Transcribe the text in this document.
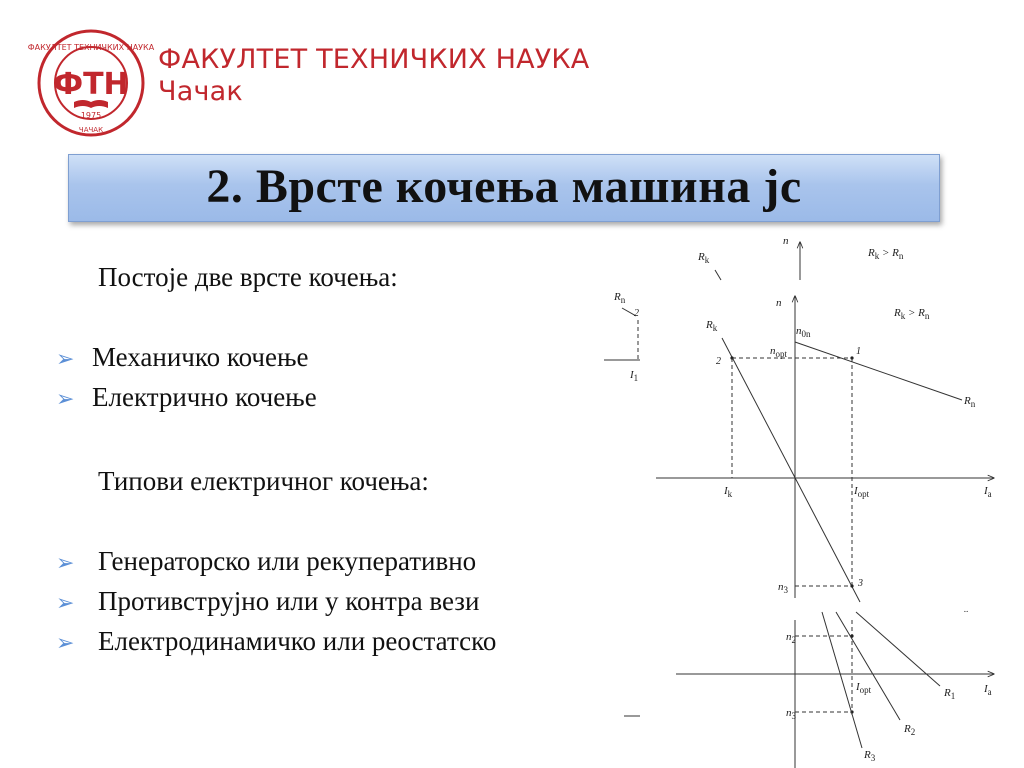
ФАКУЛТЕТ ТЕХНИЧКИХ НАУКА
ФТН
1975
ЧАЧАК
ФАКУЛТЕТ ТЕХНИЧКИХ НАУКА
Чачак
2. Врсте кочења машина јс
Постоје две врсте кочења:
➢ Механичко кочење
➢ Електрично кочење
Типови електричног кочења:
➢ Генераторско или рекуперативно
➢ Противструјно или у контра вези
➢ Електродинамичко или реостатско
n
$R_k$
$R_k > R_n$
$R_n$
2
$I_1$
n
$I_a$
$n_{0n}$
$R_n$
$R_k > R_n$
$R_k$
$n_{opt}$	1
2
$I_k$	$I_{opt}$
$n_3$
3
..
$I_a$
$n_2$
$n_3$
$I_{opt}$	$R_1$
$R_2$
$R_3$
